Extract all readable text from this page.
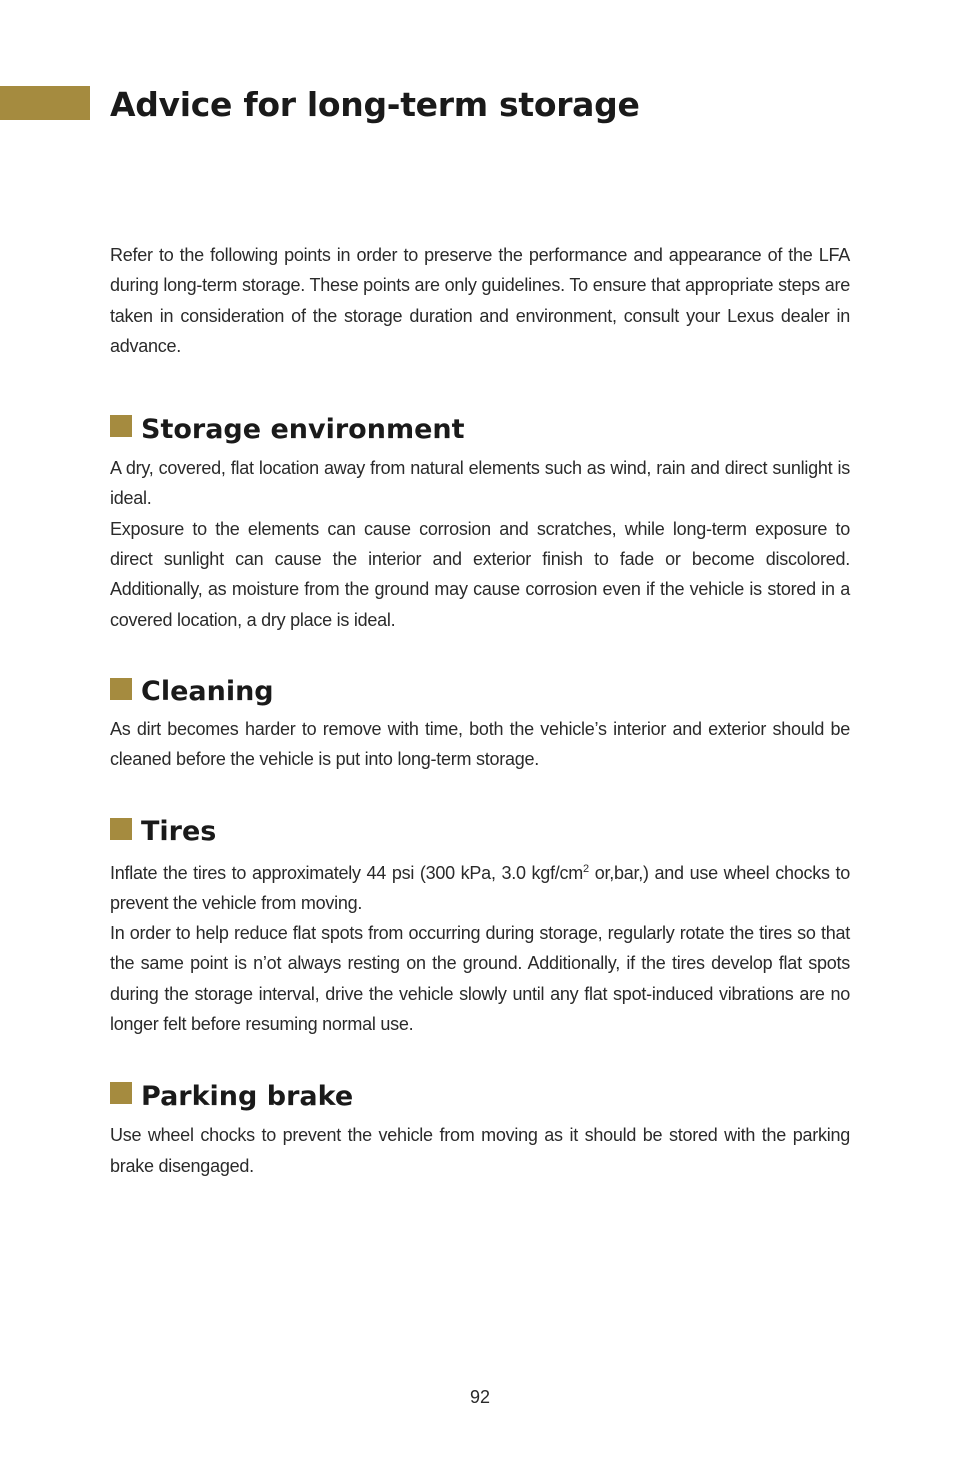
Advice for long-term storage

Refer to the following points in order to preserve the performance and appearance of the LFA during long-term storage. These points are only guidelines. To ensure that appropriate steps are taken in consideration of the storage duration and environment, consult your Lexus dealer in advance.

Storage environment

A dry, covered, flat location away from natural elements such as wind, rain and direct sunlight is ideal.

Exposure to the elements can cause corrosion and scratches, while long-term exposure to direct sunlight can cause the interior and exterior finish to fade or become discolored. Additionally, as moisture from the ground may cause corrosion even if the vehicle is stored in a covered location, a dry place is ideal.

Cleaning

As dirt becomes harder to remove with time, both the vehicle’s interior and exterior should be cleaned before the vehicle is put into long-term storage.

Tires

Inflate the tires to approximately 44 psi (300 kPa, 3.0 kgf/$cm^2$ or,bar,) and use wheel chocks to prevent the vehicle from moving.

In order to help reduce flat spots from occurring during storage, regularly rotate the tires so that the same point is n’ot always resting on the ground. Additionally, if the tires develop flat spots during the storage interval, drive the vehicle slowly until any flat spot-induced vibrations are no longer felt before resuming normal use.

Parking brake

Use wheel chocks to prevent the vehicle from moving as it should be stored with the parking brake disengaged.

92
